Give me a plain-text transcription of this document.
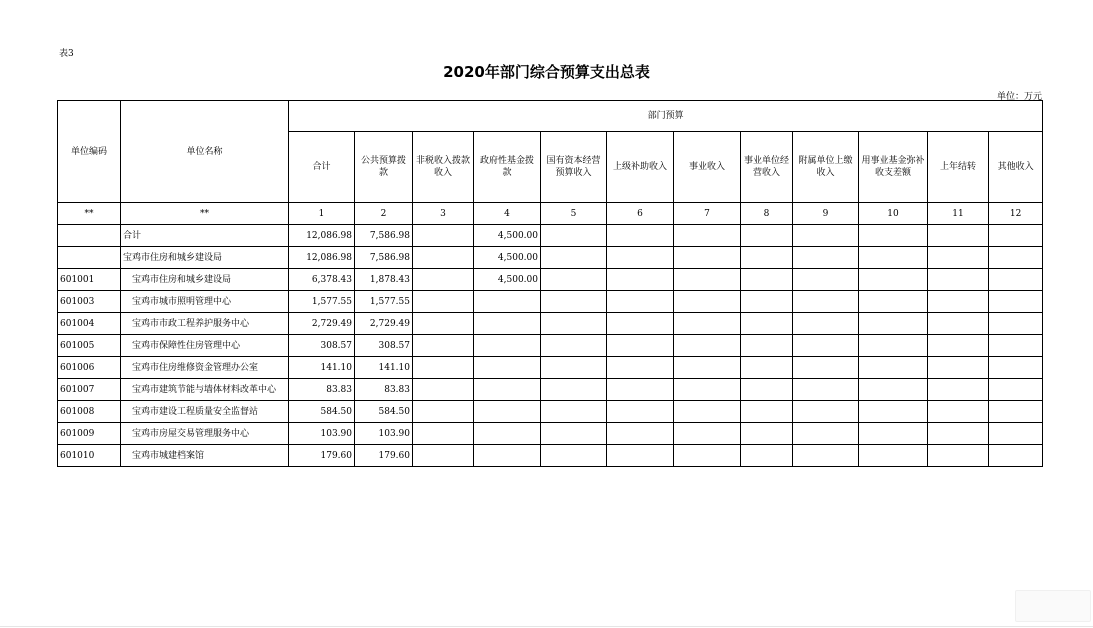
表3
2020年部门综合预算支出总表
单位：万元
单位编码	单位名称	部门预算											
		合计	公共预算拨款	非税收入拨款收入	政府性基金拨款	国有资本经营预算收入	上级补助收入	事业收入	事业单位经营收入	附属单位上缴收入	用事业基金弥补收支差额	上年结转	其他收入
**	**	1	2	3	4	5	6	7	8	9	10	11	12
	合计	12,086.98	7,586.98		4,500.00								
	宝鸡市住房和城乡建设局	12,086.98	7,586.98		4,500.00								
601001	宝鸡市住房和城乡建设局	6,378.43	1,878.43		4,500.00								
601003	宝鸡市城市照明管理中心	1,577.55	1,577.55										
601004	宝鸡市市政工程养护服务中心	2,729.49	2,729.49										
601005	宝鸡市保障性住房管理中心	308.57	308.57										
601006	宝鸡市住房维修资金管理办公室	141.10	141.10										
601007	宝鸡市建筑节能与墙体材料改革中心	83.83	83.83										
601008	宝鸡市建设工程质量安全监督站	584.50	584.50										
601009	宝鸡市房屋交易管理服务中心	103.90	103.90										
601010	宝鸡市城建档案馆	179.60	179.60										
